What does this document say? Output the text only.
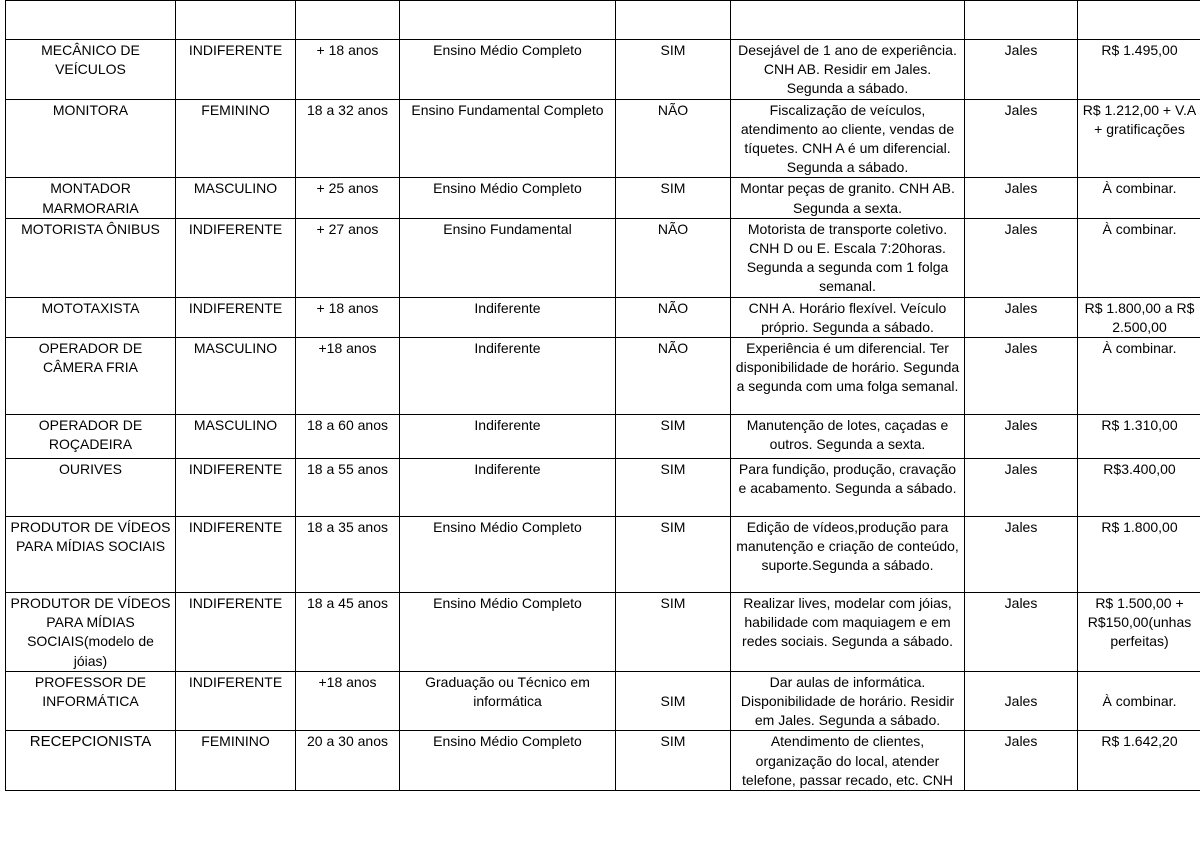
MECÂNICO DE VEÍCULOS	INDIFERENTE	+ 18 anos	Ensino Médio Completo	SIM	Desejável de 1 ano de experiência. CNH AB. Residir em Jales. Segunda a sábado.	Jales	R$ 1.495,00
MONITORA	FEMININO	18 a 32 anos	Ensino Fundamental Completo	NÃO	Fiscalização de veículos, atendimento ao cliente, vendas de tíquetes. CNH A é um diferencial. Segunda a sábado.	Jales	R$ 1.212,00 + V.A + gratificações
MONTADOR MARMORARIA	MASCULINO	+ 25 anos	Ensino Médio Completo	SIM	Montar peças de granito. CNH AB. Segunda a sexta.	Jales	À combinar.
MOTORISTA ÔNIBUS	INDIFERENTE	+ 27 anos	Ensino Fundamental	NÃO	Motorista de transporte coletivo. CNH D ou E. Escala 7:20horas. Segunda a segunda com 1 folga semanal.	Jales	À combinar.
MOTOTAXISTA	INDIFERENTE	+ 18 anos	Indiferente	NÃO	CNH A. Horário flexível. Veículo próprio. Segunda a sábado.	Jales	R$ 1.800,00 a R$ 2.500,00
OPERADOR DE CÂMERA FRIA	MASCULINO	+18 anos	Indiferente	NÃO	Experiência é um diferencial. Ter disponibilidade de horário. Segunda a segunda com uma folga semanal.	Jales	À combinar.
OPERADOR DE ROÇADEIRA	MASCULINO	18 a 60 anos	Indiferente	SIM	Manutenção de lotes, caçadas e outros. Segunda a sexta.	Jales	R$ 1.310,00
OURIVES	INDIFERENTE	18 a 55 anos	Indiferente	SIM	Para fundição, produção, cravação e acabamento. Segunda a sábado.	Jales	R$3.400,00
PRODUTOR DE VÍDEOS PARA MÍDIAS SOCIAIS	INDIFERENTE	18 a 35 anos	Ensino Médio Completo	SIM	Edição de vídeos,produção para manutenção e criação de conteúdo, suporte.Segunda a sábado.	Jales	R$ 1.800,00
PRODUTOR DE VÍDEOS PARA MÍDIAS SOCIAIS(modelo de jóias)	INDIFERENTE	18 a 45 anos	Ensino Médio Completo	SIM	Realizar lives, modelar com jóias, habilidade com maquiagem e em redes sociais. Segunda a sábado.	Jales	R$ 1.500,00 + R$150,00(unhas perfeitas)
PROFESSOR DE INFORMÁTICA	INDIFERENTE	+18 anos	Graduação ou Técnico em informática	SIM	Dar aulas de informática. Disponibilidade de horário. Residir em Jales. Segunda a sábado.	Jales	À combinar.
RECEPCIONISTA	FEMININO	20 a 30 anos	Ensino Médio Completo	SIM	Atendimento de clientes, organização do local, atender telefone, passar recado, etc. CNH	Jales	R$ 1.642,20
